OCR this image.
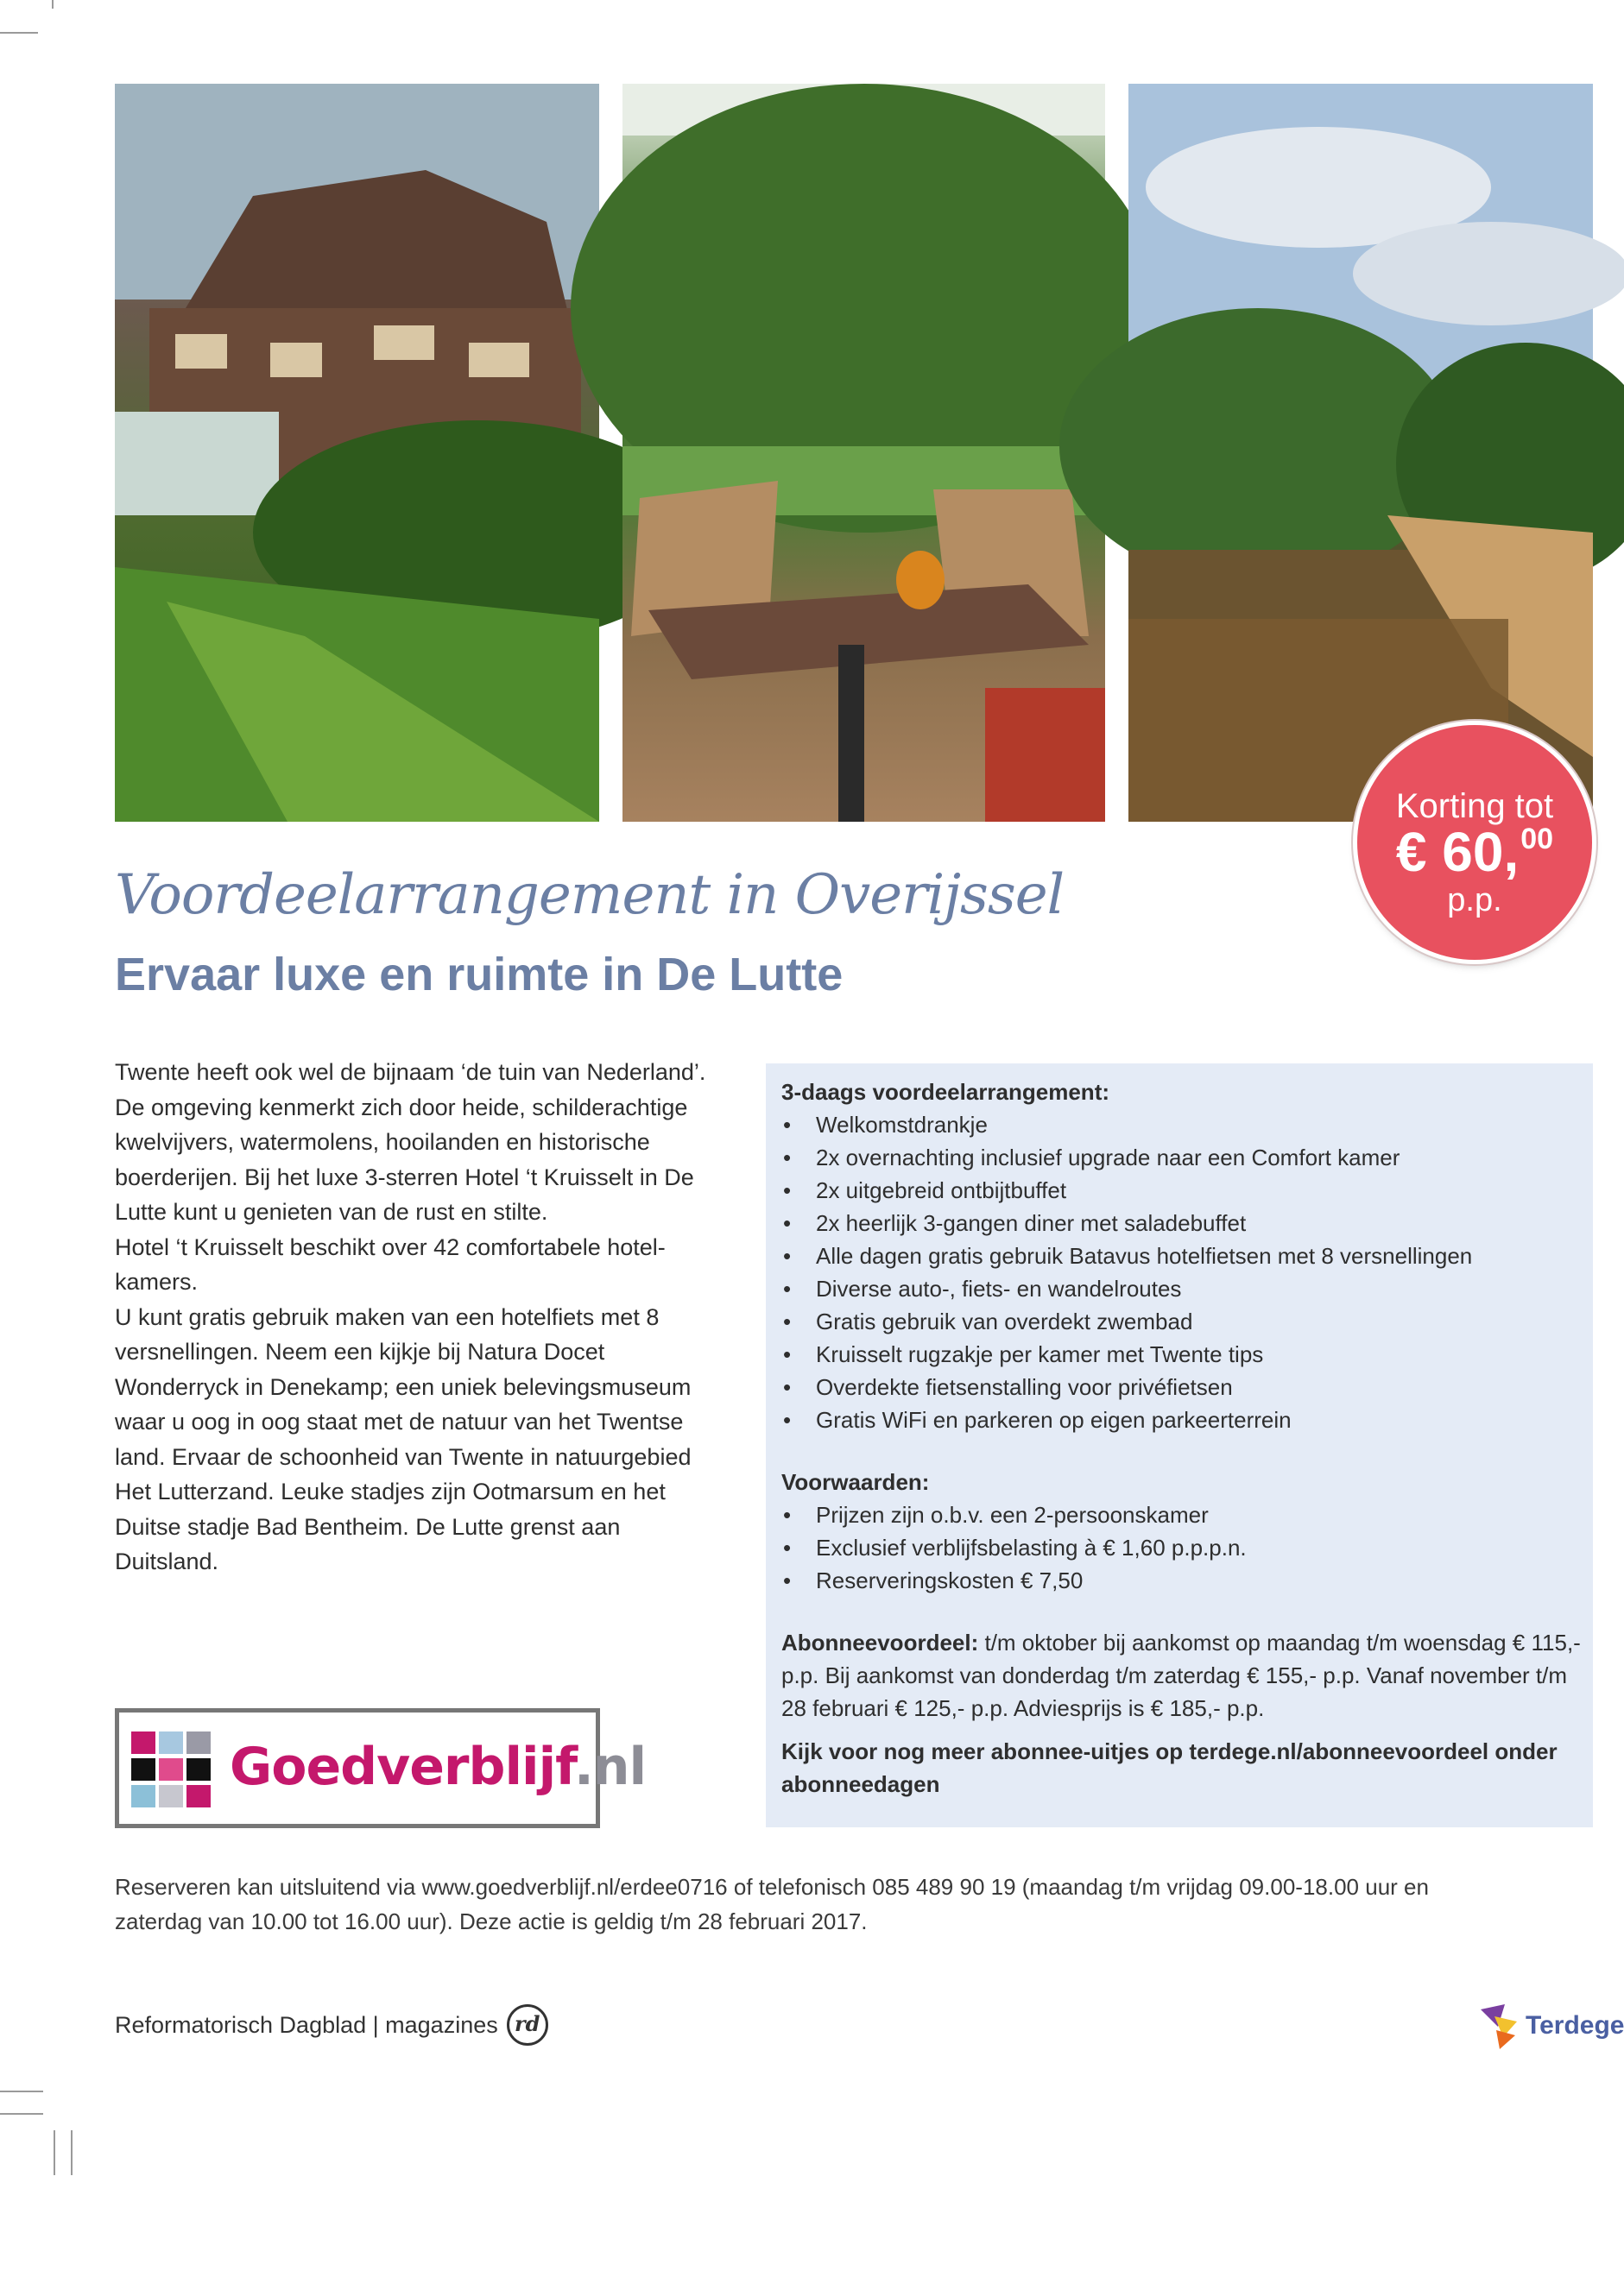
Korting tot
€ 60,00
p.p.
Voordeelarrangement in Overijssel
Ervaar luxe en ruimte in De Lutte

Twente heeft ook wel de bijnaam ‘de tuin van Nederland’. De omgeving kenmerkt zich door heide, schilderachtige kwelvijvers, watermolens, hooilanden en historische boerderijen. Bij het luxe 3-sterren Hotel ‘t Kruisselt in De Lutte kunt u genieten van de rust en stilte.

Hotel ‘t Kruisselt beschikt over 42 comfortabele hotel-kamers.

U kunt gratis gebruik maken van een hotelfiets met 8 versnellingen. Neem een kijkje bij Natura Docet Wonderryck in Denekamp; een uniek belevingsmuseum waar u oog in oog staat met de natuur van het Twentse land. Ervaar de schoonheid van Twente in natuurgebied Het Lutterzand. Leuke stadjes zijn Ootmarsum en het Duitse stadje Bad Bentheim. De Lutte grenst aan Duitsland.

3-daags voordeelarrangement:
• Welkomstdrankje
• 2x overnachting inclusief upgrade naar een Comfort kamer
• 2x uitgebreid ontbijtbuffet
• 2x heerlijk 3-gangen diner met saladebuffet
• Alle dagen gratis gebruik Batavus hotelfietsen met 8 versnellingen
• Diverse auto-, fiets- en wandelroutes
• Gratis gebruik van overdekt zwembad
• Kruisselt rugzakje per kamer met Twente tips
• Overdekte fietsenstalling voor privéfietsen
• Gratis WiFi en parkeren op eigen parkeerterrein
Voorwaarden:
• Prijzen zijn o.b.v. een 2-persoonskamer
• Exclusief verblijfsbelasting à € 1,60 p.p.p.n.
• Reserveringskosten € 7,50

Abonneevoordeel: t/m oktober bij aankomst op maandag t/m woensdag € 115,- p.p. Bij aankomst van donderdag t/m zaterdag € 155,- p.p. Vanaf november t/m 28 februari € 125,- p.p. Adviesprijs is € 185,- p.p.

Kijk voor nog meer abonnee-uitjes op terdege.nl/abonneevoordeel onder abonneedagen

Goedverblijf.nl
Reserveren kan uitsluitend via www.goedverblijf.nl/erdee0716 of telefonisch 085 489 90 19 (maandag t/m vrijdag 09.00-18.00 uur en zaterdag van 10.00 tot 16.00 uur). Deze actie is geldig t/m 28 februari 2017.
Reformatorisch Dagblad | magazines rd	Terdege
